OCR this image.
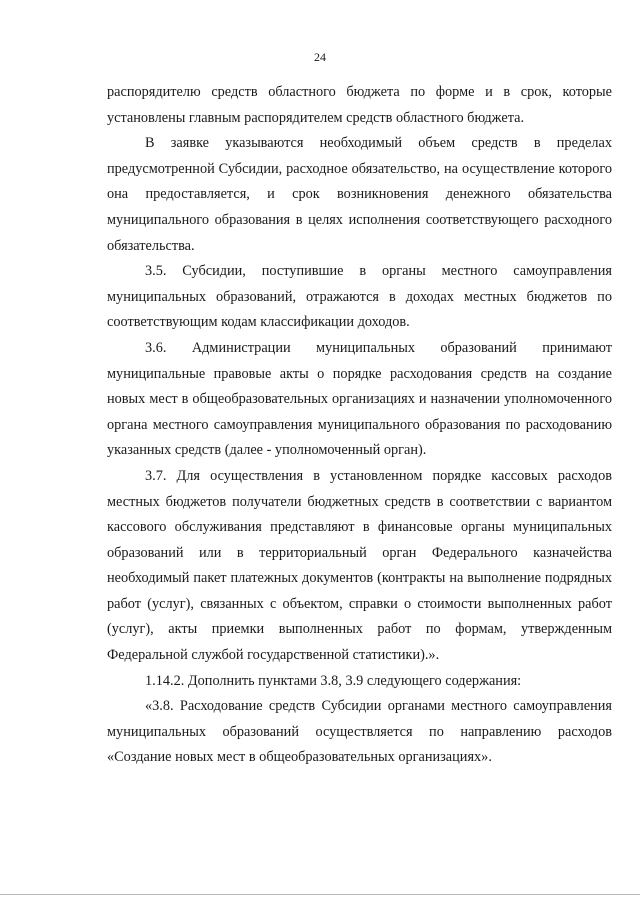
24

распорядителю средств областного бюджета по форме и в срок, которые установлены главным распорядителем средств областного бюджета.

В заявке указываются необходимый объем средств в пределах предусмотренной Субсидии, расходное обязательство, на осуществление которого она предоставляется, и срок возникновения денежного обязательства муниципального образования в целях исполнения соответствующего расходного обязательства.

3.5. Субсидии, поступившие в органы местного самоуправления муниципальных образований, отражаются в доходах местных бюджетов по соответствующим кодам классификации доходов.

3.6. Администрации муниципальных образований принимают муниципальные правовые акты о порядке расходования средств на создание новых мест в общеобразовательных организациях и назначении уполномоченного органа местного самоуправления муниципального образования по расходованию указанных средств (далее - уполномоченный орган).

3.7. Для осуществления в установленном порядке кассовых расходов местных бюджетов получатели бюджетных средств в соответствии с вариантом кассового обслуживания представляют в финансовые органы муниципальных образований или в территориальный орган Федерального казначейства необходимый пакет платежных документов (контракты на выполнение подрядных работ (услуг), связанных с объектом, справки о стоимости выполненных работ (услуг), акты приемки выполненных работ по формам, утвержденным Федеральной службой государственной статистики).».

1.14.2. Дополнить пунктами 3.8, 3.9 следующего содержания:

«3.8. Расходование средств Субсидии органами местного самоуправления муниципальных образований осуществляется по направлению расходов «Создание новых мест в общеобразовательных организациях».
